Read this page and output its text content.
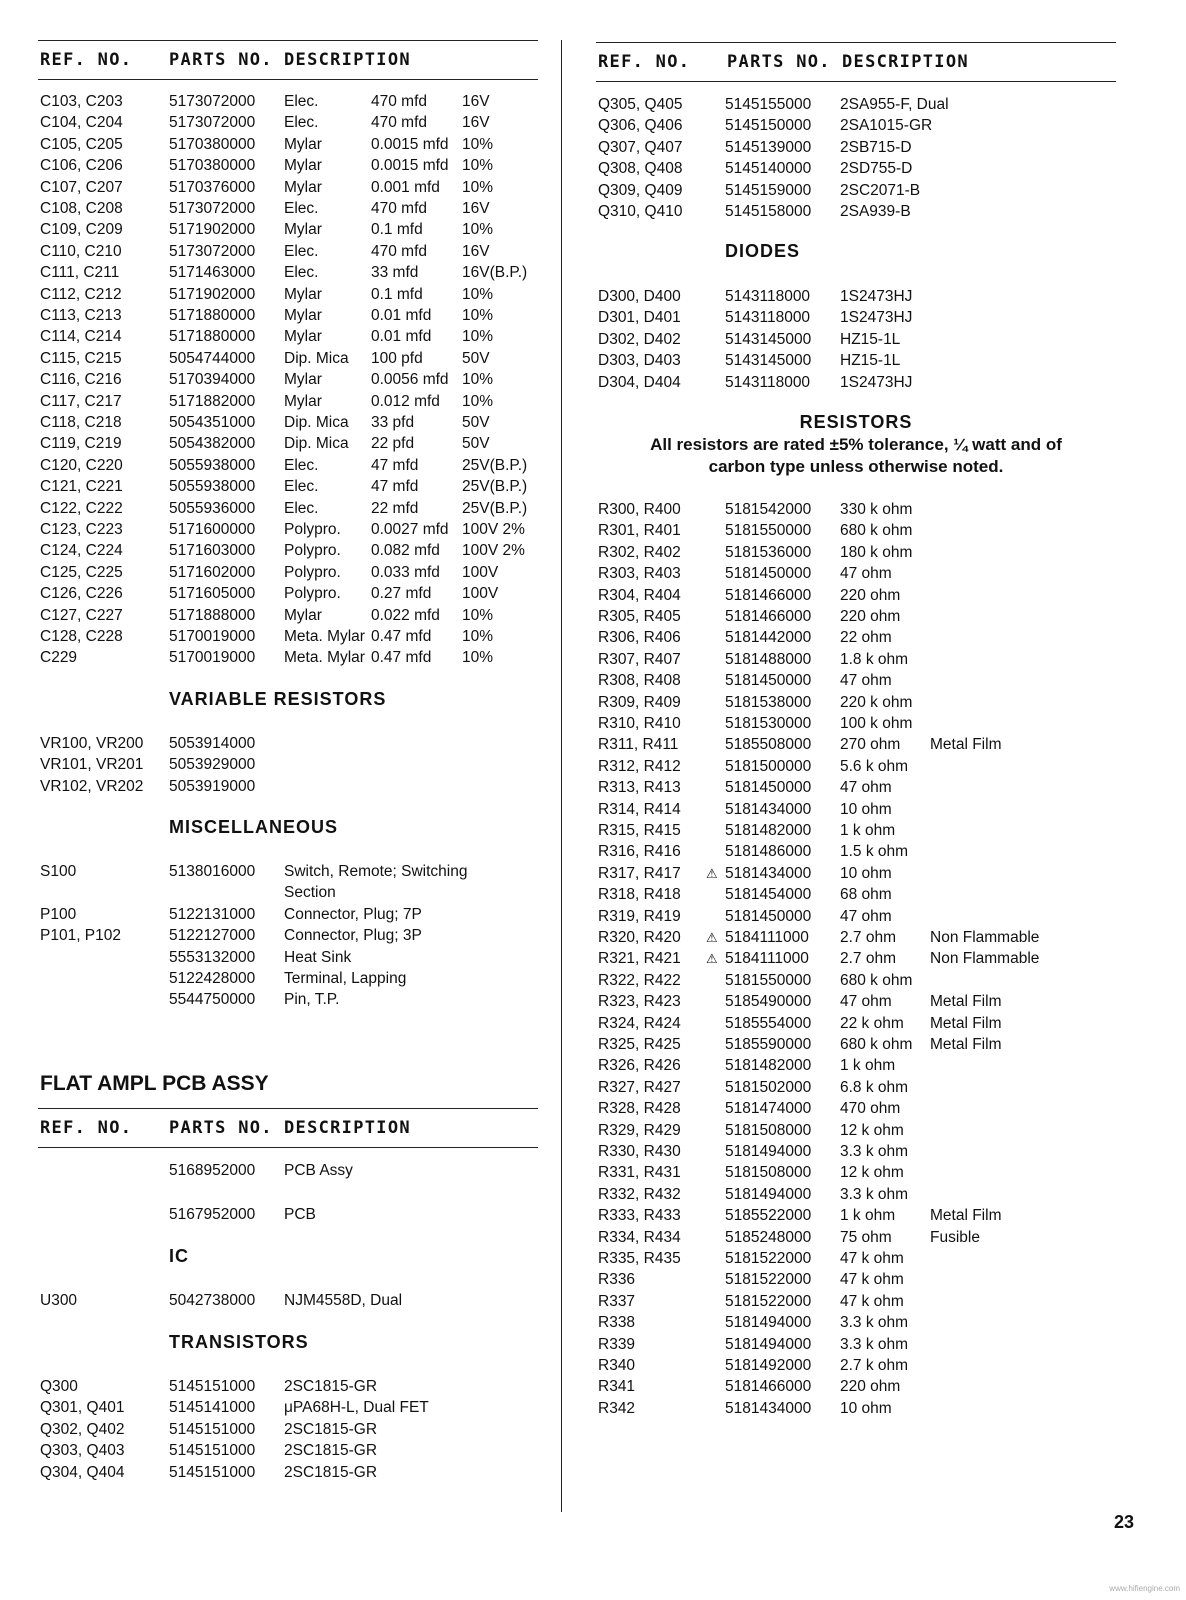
REF. NO. PARTS NO. DESCRIPTION
C103, C203	5173072000 Elec.	470 mfd 16V
C104, C204	5173072000 Elec.	470 mfd 16V
C105, C205	5170380000 Mylar	0.0015 mfd 10%
C106, C206	5170380000 Mylar	0.0015 mfd 10%
C107, C207	5170376000 Mylar	0.001 mfd 10%
C108, C208	5173072000 Elec.	470 mfd 16V
C109, C209	5171902000 Mylar	0.1 mfd	10%
C110, C210	5173072000 Elec.	470 mfd 16V
C111, C211	5171463000 Elec.	33 mfd	16V(B.P.)
C112, C212	5171902000 Mylar	0.1 mfd	10%
C113, C213	5171880000 Mylar	0.01 mfd 10%
C114, C214	5171880000 Mylar	0.01 mfd 10%
C115, C215	5054744000 Dip. Mica 100 pfd	50V
C116, C216	5170394000 Mylar	0.0056 mfd 10%
C117, C217	5171882000 Mylar	0.012 mfd 10%
C118, C218	5054351000 Dip. Mica 33 pfd	50V
C119, C219	5054382000 Dip. Mica 22 pfd	50V
C120, C220	5055938000 Elec.	47 mfd	25V(B.P.)
C121, C221	5055938000 Elec.	47 mfd	25V(B.P.)
C122, C222	5055936000 Elec.	22 mfd	25V(B.P.)
C123, C223	5171600000 Polypro. 0.0027 mfd 100V 2%
C124, C224	5171603000 Polypro. 0.082 mfd 100V 2%
C125, C225	5171602000 Polypro. 0.033 mfd 100V
C126, C226	5171605000 Polypro. 0.27 mfd 100V
C127, C227	5171888000 Mylar	0.022 mfd 10%
C128, C228	5170019000 Meta. Mylar 0.47 mfd 10%
C229	5170019000 Meta. Mylar 0.47 mfd 10%
VARIABLE RESISTORS
VR100, VR200 5053914000
VR101, VR201 5053929000
VR102, VR202 5053919000
MISCELLANEOUS
S100	5138016000 Switch, Remote; Switching
Section
P100	5122131000 Connector, Plug; 7P
P101, P102	5122127000 Connector, Plug; 3P
5553132000 Heat Sink
5122428000 Terminal, Lapping
5544750000 Pin, T.P.
FLAT AMPL PCB ASSY
REF. NO. PARTS NO. DESCRIPTION
5168952000 PCB Assy
5167952000 PCB
IC
U300	5042738000 NJM4558D, Dual
TRANSISTORS
Q300	5145151000 2SC1815-GR
Q301, Q401	5145141000 μPA68H-L, Dual FET
Q302, Q402	5145151000 2SC1815-GR
Q303, Q403	5145151000 2SC1815-GR
Q304, Q404	5145151000 2SC1815-GR
REF. NO. PARTS NO. DESCRIPTION
Q305, Q405	5145155000 2SA955-F, Dual
Q306, Q406	5145150000 2SA1015-GR
Q307, Q407	5145139000 2SB715-D
Q308, Q408	5145140000 2SD755-D
Q309, Q409	5145159000 2SC2071-B
Q310, Q410	5145158000 2SA939-B
DIODES
D300, D400	5143118000 1S2473HJ
D301, D401	5143118000 1S2473HJ
D302, D402	5143145000 HZ15-1L
D303, D403	5143145000 HZ15-1L
D304, D404	5143118000 1S2473HJ
RESISTORS
All resistors are rated ±5% tolerance, ¼ watt and of
carbon type unless otherwise noted.
R300, R400	5181542000 330 k ohm
R301, R401	5181550000 680 k ohm
R302, R402	5181536000 180 k ohm
R303, R403	5181450000 47 ohm
R304, R404	5181466000 220 ohm
R305, R405	5181466000 220 ohm
R306, R406	5181442000 22 ohm
R307, R407	5181488000 1.8 k ohm
R308, R408	5181450000 47 ohm
R309, R409	5181538000 220 k ohm
R310, R410	5181530000 100 k ohm
R311, R411	5185508000 270 ohm Metal Film
R312, R412	5181500000 5.6 k ohm
R313, R413	5181450000 47 ohm
R314, R414	5181434000 10 ohm
R315, R415	5181482000 1 k ohm
R316, R416	5181486000 1.5 k ohm
R317, R417	5181434000 10 ohm
⚠
R318, R418	5181454000 68 ohm
R319, R419	5181450000 47 ohm
R320, R420	5184111000 2.7 ohm Non Flammable
⚠
R321, R421	5184111000 2.7 ohm Non Flammable
⚠
R322, R422	5181550000 680 k ohm
R323, R423	5185490000 47 ohm Metal Film
R324, R424	5185554000 22 k ohm Metal Film
R325, R425	5185590000 680 k ohm Metal Film
R326, R426	5181482000 1 k ohm
R327, R427	5181502000 6.8 k ohm
R328, R428	5181474000 470 ohm
R329, R429	5181508000 12 k ohm
R330, R430	5181494000 3.3 k ohm
R331, R431	5181508000 12 k ohm
R332, R432	5181494000 3.3 k ohm
R333, R433	5185522000 1 k ohm Metal Film
R334, R434	5185248000 75 ohm Fusible
R335, R435	5181522000 47 k ohm
R336	5181522000 47 k ohm
R337	5181522000 47 k ohm
R338	5181494000 3.3 k ohm
R339	5181494000 3.3 k ohm
R340	5181492000 2.7 k ohm
R341	5181466000 220 ohm
R342	5181434000 10 ohm
23
www.hifiengine.com
